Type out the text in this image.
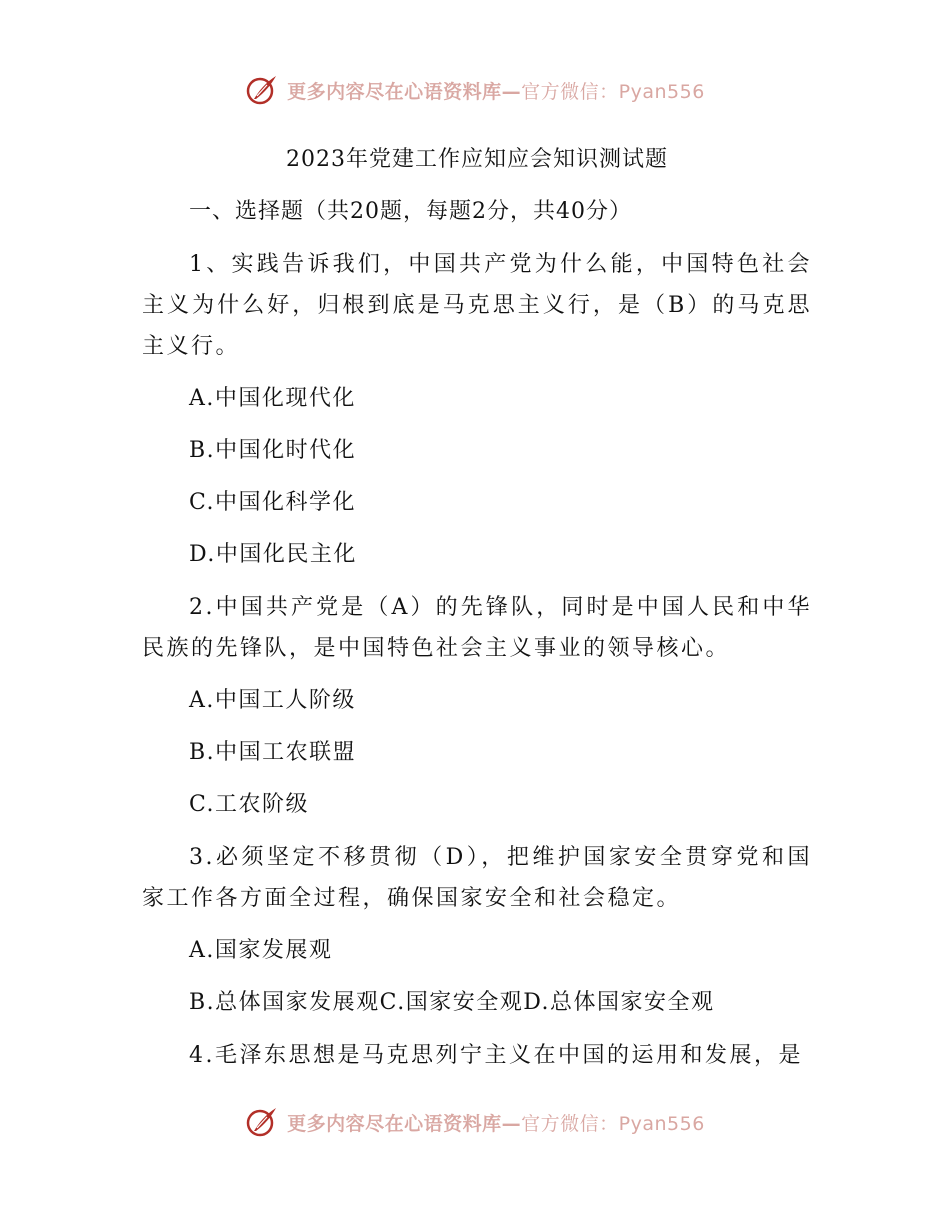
更多内容尽在心语资料库—官方微信：Pyan556
2023年党建工作应知应会知识测试题
一、选择题（共20题，每题2分，共40分）
1、实践告诉我们，中国共产党为什么能，中国特色社会主义为什么好，归根到底是马克思主义行，是（B）的马克思主义行。
A.中国化现代化
B.中国化时代化
C.中国化科学化
D.中国化民主化
2.中国共产党是（A）的先锋队，同时是中国人民和中华民族的先锋队，是中国特色社会主义事业的领导核心。
A.中国工人阶级
B.中国工农联盟
C.工农阶级
3.必须坚定不移贯彻（D），把维护国家安全贯穿党和国家工作各方面全过程，确保国家安全和社会稳定。
A.国家发展观
B.总体国家发展观C.国家安全观D.总体国家安全观
4.毛泽东思想是马克思列宁主义在中国的运用和发展，是
更多内容尽在心语资料库—官方微信：Pyan556
